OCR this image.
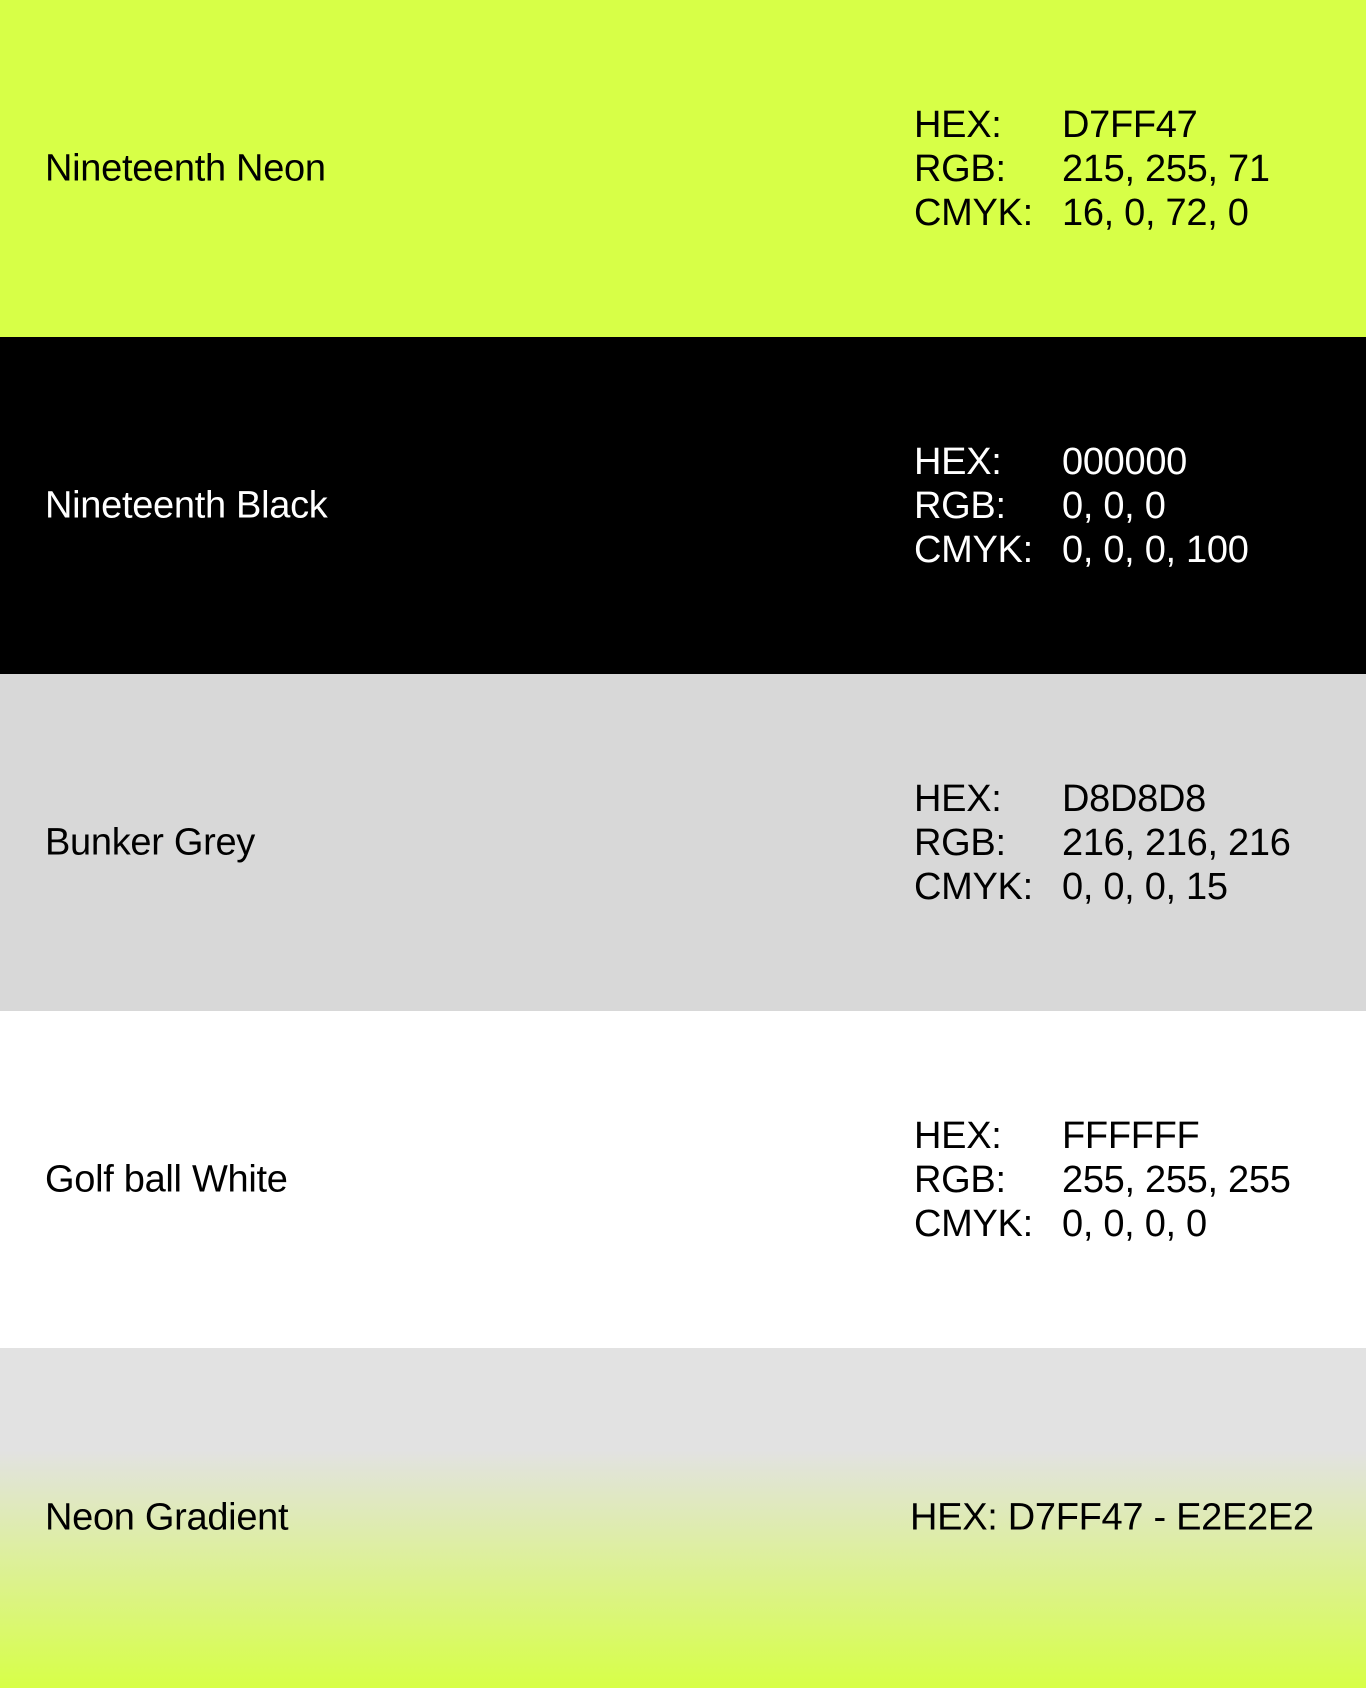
Nineteenth Neon
HEX:	D7FF47
RGB:	215, 255, 71
CMYK: 16, 0, 72, 0
Nineteenth Black
HEX:	000000
RGB:	0, 0, 0
CMYK: 0, 0, 0, 100
Bunker Grey
HEX:	D8D8D8
RGB:	216, 216, 216
CMYK: 0, 0, 0, 15
Golf ball White
HEX:	FFFFFF
RGB:	255, 255, 255
CMYK: 0, 0, 0, 0
Neon Gradient	HEX: D7FF47 - E2E2E2
